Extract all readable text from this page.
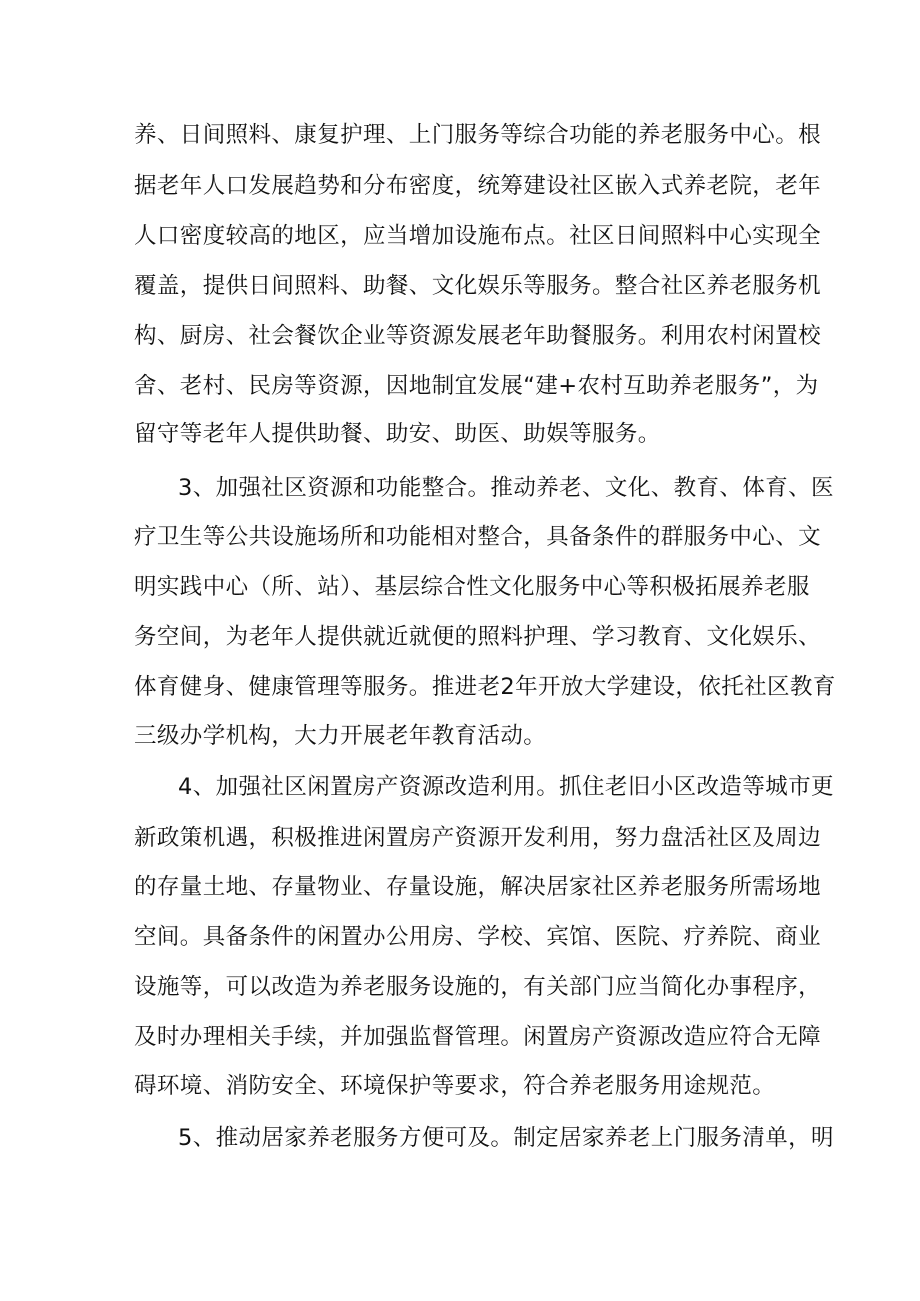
养、日间照料、康复护理、上门服务等综合功能的养老服务中心。根
据老年人口发展趋势和分布密度，统筹建设社区嵌入式养老院，老年
人口密度较高的地区，应当增加设施布点。社区日间照料中心实现全
覆盖，提供日间照料、助餐、文化娱乐等服务。整合社区养老服务机
构、厨房、社会餐饮企业等资源发展老年助餐服务。利用农村闲置校
舍、老村、民房等资源，因地制宜发展“建+农村互助养老服务”，为
留守等老年人提供助餐、助安、助医、助娱等服务。
3、加强社区资源和功能整合。推动养老、文化、教育、体育、医
疗卫生等公共设施场所和功能相对整合，具备条件的群服务中心、文
明实践中心（所、站）、基层综合性文化服务中心等积极拓展养老服
务空间，为老年人提供就近就便的照料护理、学习教育、文化娱乐、
体育健身、健康管理等服务。推进老2年开放大学建设，依托社区教育
三级办学机构，大力开展老年教育活动。
4、加强社区闲置房产资源改造利用。抓住老旧小区改造等城市更
新政策机遇，积极推进闲置房产资源开发利用，努力盘活社区及周边
的存量土地、存量物业、存量设施，解决居家社区养老服务所需场地
空间。具备条件的闲置办公用房、学校、宾馆、医院、疗养院、商业
设施等，可以改造为养老服务设施的，有关部门应当简化办事程序，
及时办理相关手续，并加强监督管理。闲置房产资源改造应符合无障
碍环境、消防安全、环境保护等要求，符合养老服务用途规范。
5、推动居家养老服务方便可及。制定居家养老上门服务清单，明
